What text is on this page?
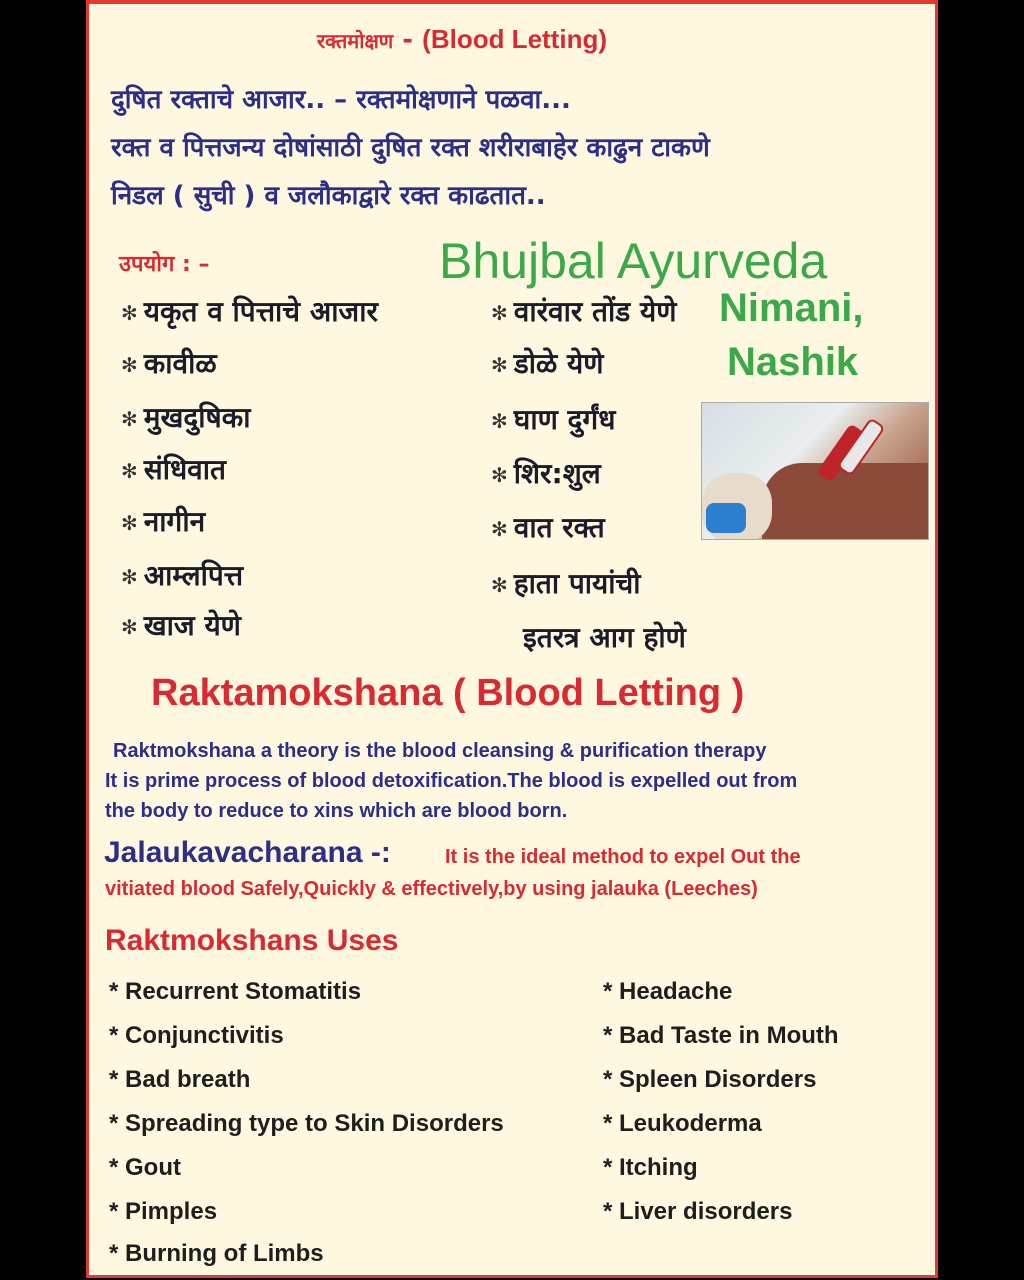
रक्तमोक्षण - (Blood Letting)
दुषित रक्ताचे आजार.. – रक्तमोक्षणाने पळवा...
रक्त व पित्तजन्य दोषांसाठी दुषित रक्त शरीराबाहेर काढुन टाकणे
निडल ( सुची ) व जलौकाद्वारे रक्त काढतात..
उपयोग : –	Bhujbal Ayurveda
Nimani,
Nashik
✻ यकृत व पित्ताचे आजार
✻ कावीळ
✻ मुखदुषिका
✻ संधिवात
✻ नागीन
✻ आम्लपित्त
✻ खाज येणे
✻ वारंवार तोंड येणे
✻ डोळे येणे
✻ घाण दुर्गंध
✻ शिर:शुल
✻ वात रक्त
✻ हाता पायांची
इतरत्र आग होणे
Raktamokshana ( Blood Letting )
Raktmokshana a theory is the blood cleansing & purification therapy
It is prime process of blood detoxification.The blood is expelled out from
the body to reduce to xins which are blood born.
Jalaukavacharana -:	It is the ideal method to expel Out the
vitiated blood Safely,Quickly & effectively,by using jalauka (Leeches)
Raktmokshans Uses
* Recurrent Stomatitis
* Conjunctivitis
* Bad breath
* Spreading type to Skin Disorders
* Gout
* Pimples
* Burning of Limbs
* Headache
* Bad Taste in Mouth
* Spleen Disorders
* Leukoderma
* Itching
* Liver disorders
